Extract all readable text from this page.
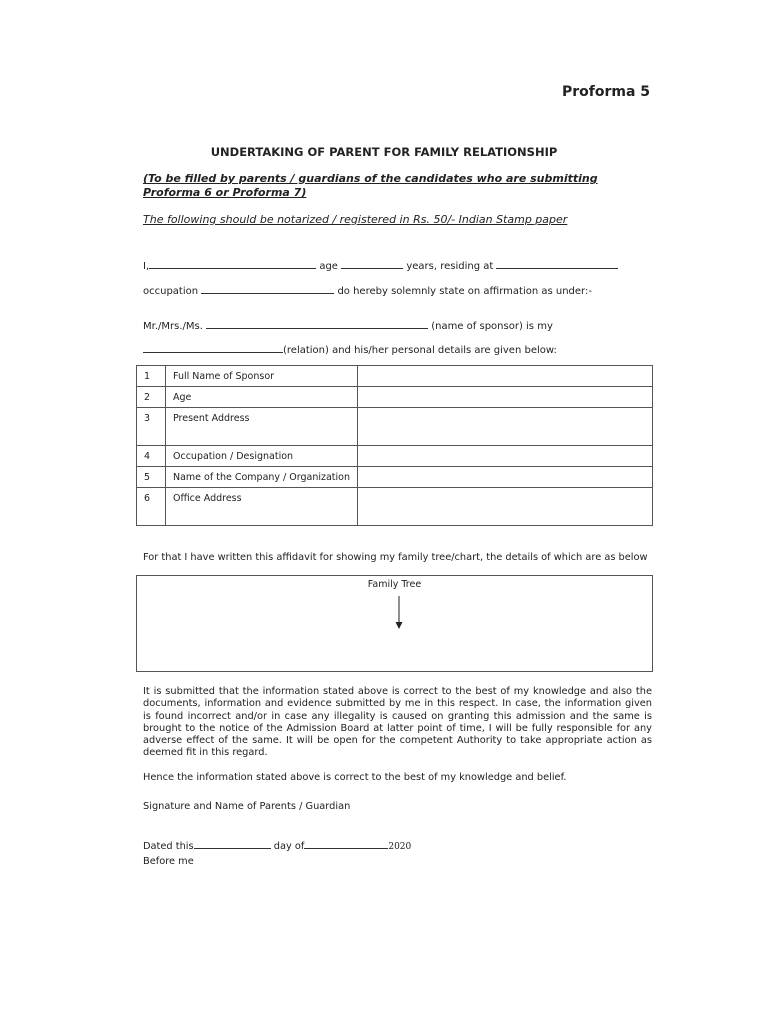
Proforma 5
UNDERTAKING OF PARENT FOR FAMILY RELATIONSHIP
(To be filled by parents / guardians of the candidates who are submitting
Proforma 6 or Proforma 7)
The following should be notarized / registered in Rs. 50/- Indian Stamp paper
I,	age	years, residing at
occupation	do hereby solemnly state on affirmation as under:-
Mr./Mrs./Ms.	(name of sponsor) is my
(relation) and his/her personal details are given below:
1	Full Name of Sponsor	
2	Age	
3	Present Address	
4	Occupation / Designation	
5	Name of the Company / Organization	
6	Office Address	
For that I have written this affidavit for showing my family tree/chart, the details of which are as below
Family Tree
It is submitted that the information stated above is correct to the best of my knowledge and also the documents, information and evidence submitted by me in this respect. In case, the information given is found incorrect and/or in case any illegality is caused on granting this admission and the same is brought to the notice of the Admission Board at latter point of time, I will be fully responsible for any adverse effect of the same. It will be open for the competent Authority to take appropriate action as deemed fit in this regard.
Hence the information stated above is correct to the best of my knowledge and belief.
Signature and Name of Parents / Guardian
Dated this	day of	2020
Before me
